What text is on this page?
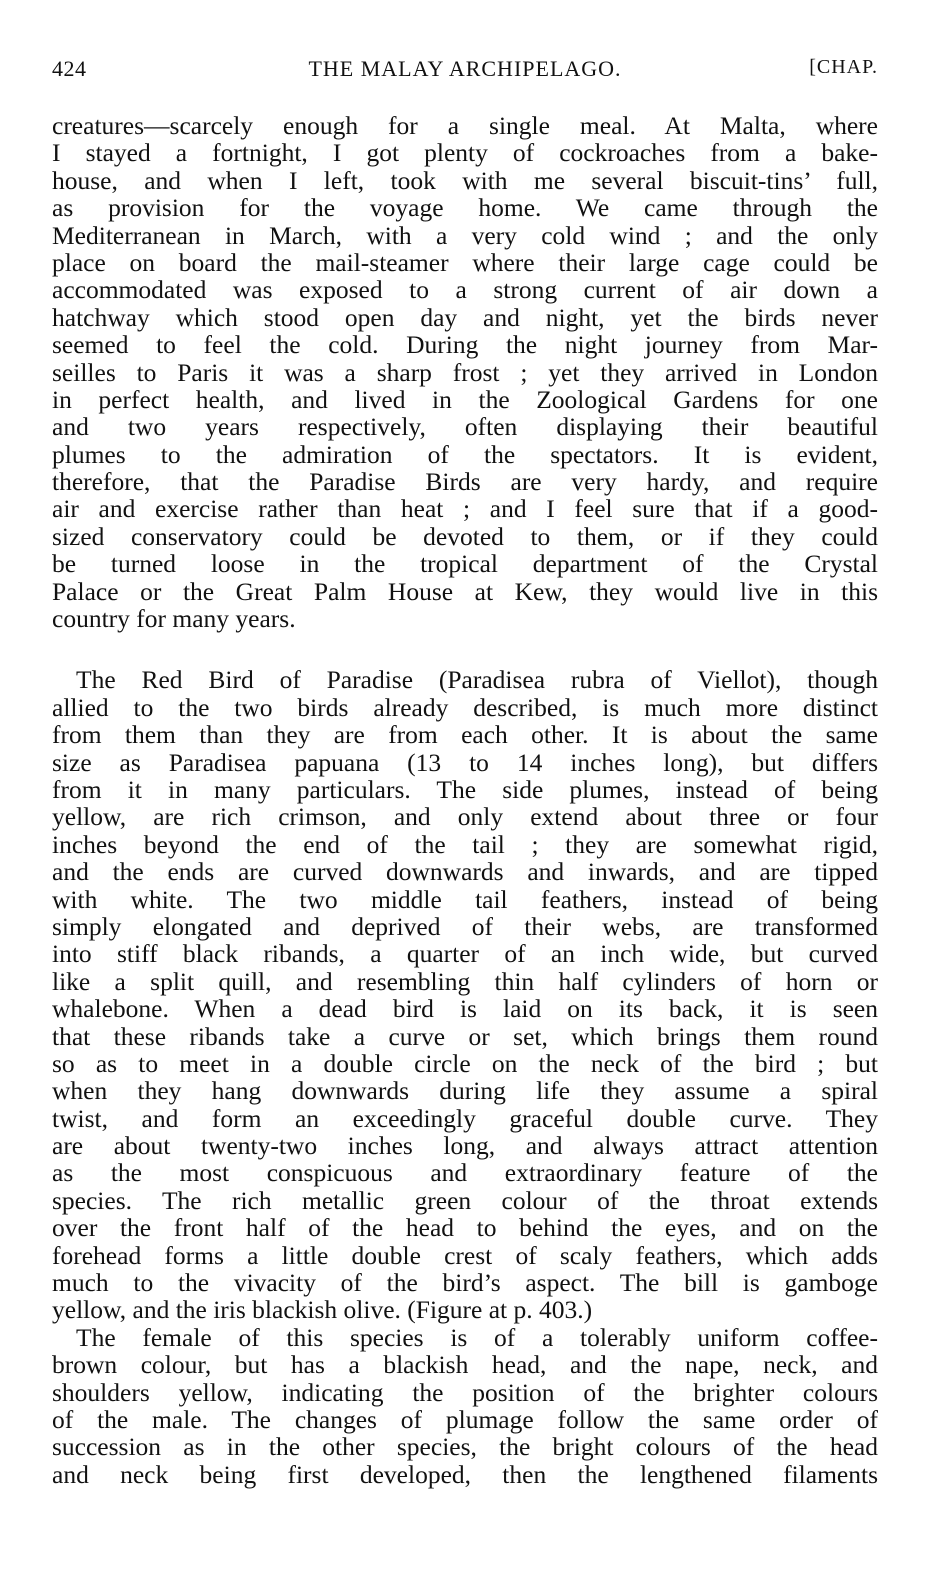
424	THE MALAY ARCHIPELAGO.	[CHAP.
creatures—scarcely enough for a single meal. At Malta, where
I stayed a fortnight, I got plenty of cockroaches from a bake-
house, and when I left, took with me several biscuit-tins’ full,
as provision for the voyage home. We came through the
Mediterranean in March, with a very cold wind ; and the only
place on board the mail-steamer where their large cage could be
accommodated was exposed to a strong current of air down a
hatchway which stood open day and night, yet the birds never
seemed to feel the cold. During the night journey from Mar-
seilles to Paris it was a sharp frost ; yet they arrived in London
in perfect health, and lived in the Zoological Gardens for one
and two years respectively, often displaying their beautiful
plumes to the admiration of the spectators. It is evident,
therefore, that the Paradise Birds are very hardy, and require
air and exercise rather than heat ; and I feel sure that if a good-
sized conservatory could be devoted to them, or if they could
be turned loose in the tropical department of the Crystal
Palace or the Great Palm House at Kew, they would live in this
country for many years.
The Red Bird of Paradise (Paradisea rubra of Viellot), though
allied to the two birds already described, is much more distinct
from them than they are from each other. It is about the same
size as Paradisea papuana (13 to 14 inches long), but differs
from it in many particulars. The side plumes, instead of being
yellow, are rich crimson, and only extend about three or four
inches beyond the end of the tail ; they are somewhat rigid,
and the ends are curved downwards and inwards, and are tipped
with white. The two middle tail feathers, instead of being
simply elongated and deprived of their webs, are transformed
into stiff black ribands, a quarter of an inch wide, but curved
like a split quill, and resembling thin half cylinders of horn or
whalebone. When a dead bird is laid on its back, it is seen
that these ribands take a curve or set, which brings them round
so as to meet in a double circle on the neck of the bird ; but
when they hang downwards during life they assume a spiral
twist, and form an exceedingly graceful double curve. They
are about twenty-two inches long, and always attract attention
as the most conspicuous and extraordinary feature of the
species. The rich metallic green colour of the throat extends
over the front half of the head to behind the eyes, and on the
forehead forms a little double crest of scaly feathers, which adds
much to the vivacity of the bird’s aspect. The bill is gamboge
yellow, and the iris blackish olive. (Figure at p. 403.)
The female of this species is of a tolerably uniform coffee-
brown colour, but has a blackish head, and the nape, neck, and
shoulders yellow, indicating the position of the brighter colours
of the male. The changes of plumage follow the same order of
succession as in the other species, the bright colours of the head
and neck being first developed, then the lengthened filaments
